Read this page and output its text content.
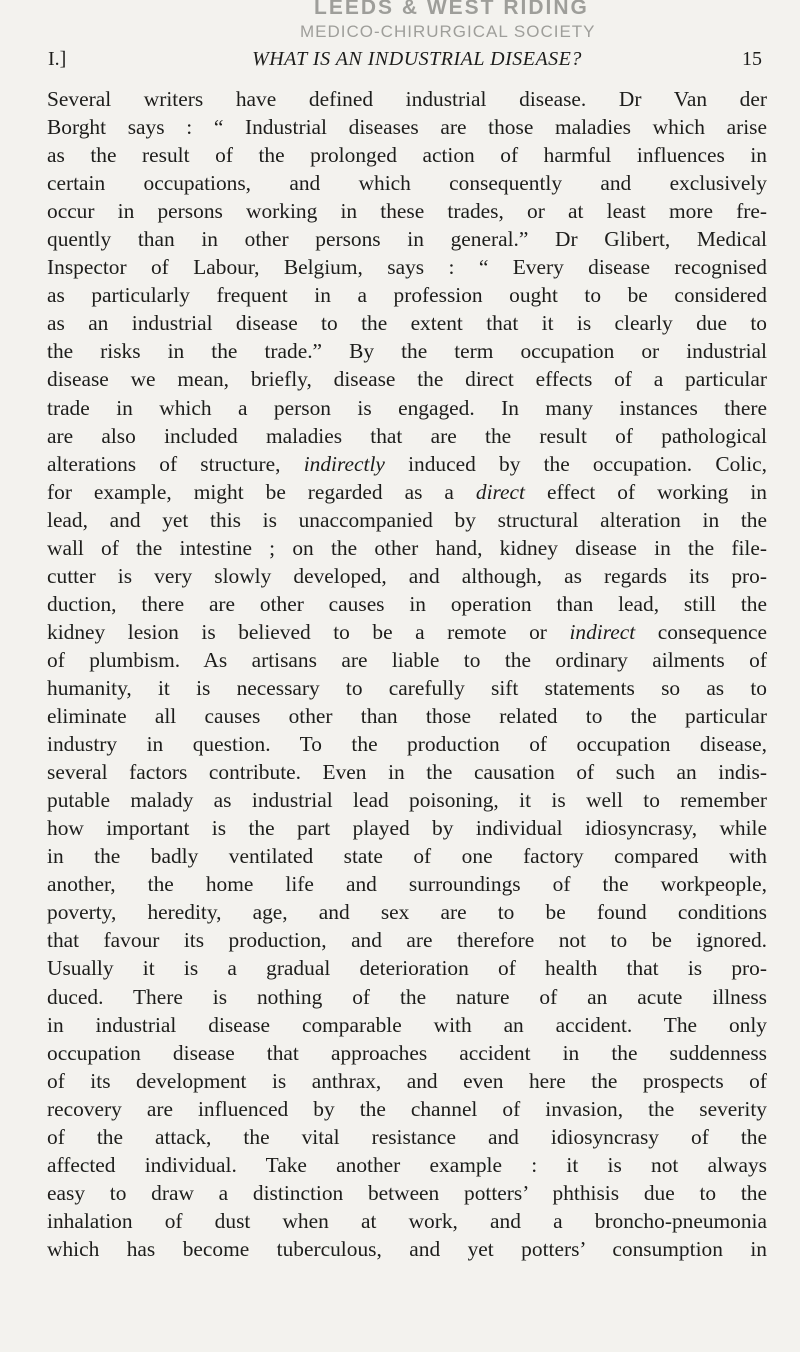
LEEDS & WEST RIDING
MEDICO-CHIRURGICAL SOCIETY
I.]	WHAT IS AN INDUSTRIAL DISEASE?	15
Several writers have defined industrial disease. Dr Van der
Borght says : “ Industrial diseases are those maladies which arise
as the result of the prolonged action of harmful influences in
certain occupations, and which consequently and exclusively
occur in persons working in these trades, or at least more fre-
quently than in other persons in general.” Dr Glibert, Medical
Inspector of Labour, Belgium, says : “ Every disease recognised
as particularly frequent in a profession ought to be considered
as an industrial disease to the extent that it is clearly due to
the risks in the trade.” By the term occupation or industrial
disease we mean, briefly, disease the direct effects of a particular
trade in which a person is engaged. In many instances there
are also included maladies that are the result of pathological
alterations of structure, indirectly induced by the occupation. Colic,
for example, might be regarded as a direct effect of working in
lead, and yet this is unaccompanied by structural alteration in the
wall of the intestine ; on the other hand, kidney disease in the file-
cutter is very slowly developed, and although, as regards its pro-
duction, there are other causes in operation than lead, still the
kidney lesion is believed to be a remote or indirect consequence
of plumbism. As artisans are liable to the ordinary ailments of
humanity, it is necessary to carefully sift statements so as to
eliminate all causes other than those related to the particular
industry in question. To the production of occupation disease,
several factors contribute. Even in the causation of such an indis-
putable malady as industrial lead poisoning, it is well to remember
how important is the part played by individual idiosyncrasy, while
in the badly ventilated state of one factory compared with
another, the home life and surroundings of the workpeople,
poverty, heredity, age, and sex are to be found conditions
that favour its production, and are therefore not to be ignored.
Usually it is a gradual deterioration of health that is pro-
duced. There is nothing of the nature of an acute illness
in industrial disease comparable with an accident. The only
occupation disease that approaches accident in the suddenness
of its development is anthrax, and even here the prospects of
recovery are influenced by the channel of invasion, the severity
of the attack, the vital resistance and idiosyncrasy of the
affected individual. Take another example : it is not always
easy to draw a distinction between potters’ phthisis due to the
inhalation of dust when at work, and a broncho-pneumonia
which has become tuberculous, and yet potters’ consumption in
